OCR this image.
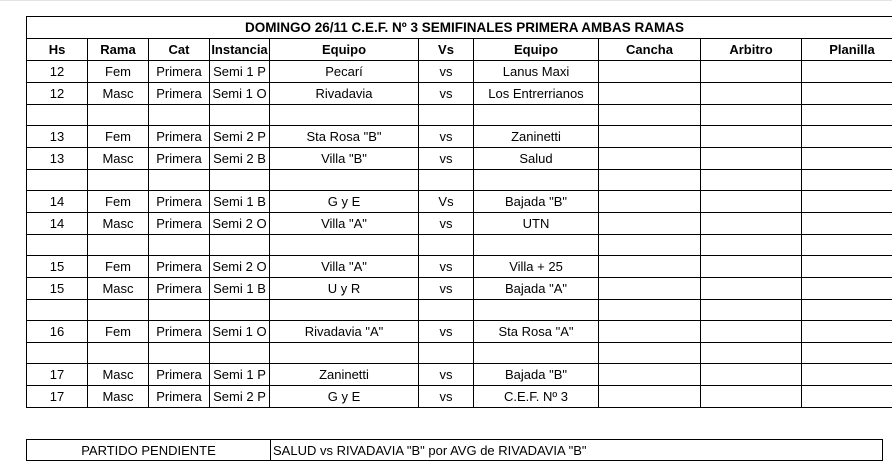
DOMINGO 26/11 C.E.F. Nº 3 SEMIFINALES PRIMERA AMBAS RAMAS									
Hs	Rama	Cat	Instancia	Equipo	Vs	Equipo	Cancha	Arbitro	Planilla
12	Fem	Primera	Semi 1 P	Pecarí	vs	Lanus Maxi			
12	Masc	Primera	Semi 1 O	Rivadavia	vs	Los Entrerrianos			

13	Fem	Primera	Semi 2 P	Sta Rosa "B"	vs	Zaninetti			
13	Masc	Primera	Semi 2 B	Villa "B"	vs	Salud			

14	Fem	Primera	Semi 1 B	G y E	Vs	Bajada "B"			
14	Masc	Primera	Semi 2 O	Villa "A"	vs	UTN			

15	Fem	Primera	Semi 2 O	Villa "A"	vs	Villa + 25			
15	Masc	Primera	Semi 1 B	U y R	vs	Bajada "A"			

16	Fem	Primera	Semi 1 O	Rivadavia "A"	vs	Sta Rosa "A"			

17	Masc	Primera	Semi 1 P	Zaninetti	vs	Bajada "B"			
17	Masc	Primera	Semi 2 P	G y E	vs	C.E.F. Nº 3			
PARTIDO PENDIENTE	SALUD vs RIVADAVIA "B" por AVG de RIVADAVIA "B"
